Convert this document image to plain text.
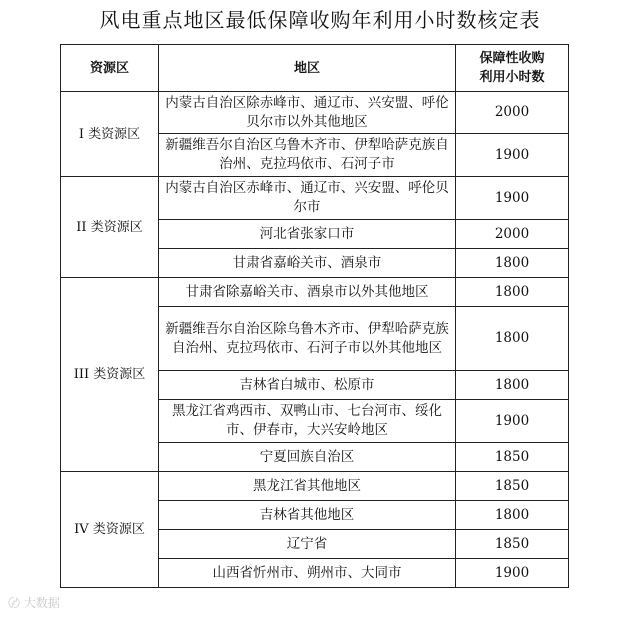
风电重点地区最低保障收购年利用小时数核定表
资源区	地区	保障性收购
利用小时数

I 类资源区	内蒙古自治区除赤峰市、通辽市、兴安盟、呼伦贝尔市以外其他地区	2000
	新疆维吾尔自治区乌鲁木齐市、伊犁哈萨克族自治州、克拉玛依市、石河子市	1900
II 类资源区	内蒙古自治区赤峰市、通辽市、兴安盟、呼伦贝尔市	1900
	河北省张家口市	2000
	甘肃省嘉峪关市、酒泉市	1800
III 类资源区	甘肃省除嘉峪关市、酒泉市以外其他地区	1800
	新疆维吾尔自治区除乌鲁木齐市、伊犁哈萨克族自治州、克拉玛依市、石河子市以外其他地区	1800
	吉林省白城市、松原市	1800
	黑龙江省鸡西市、双鸭山市、七台河市、绥化市、伊春市，大兴安岭地区	1900
	宁夏回族自治区	1850
IV 类资源区	黑龙江省其他地区	1850
	吉林省其他地区	1800
	辽宁省	1850
	山西省忻州市、朔州市、大同市	1900
〄 大数据
